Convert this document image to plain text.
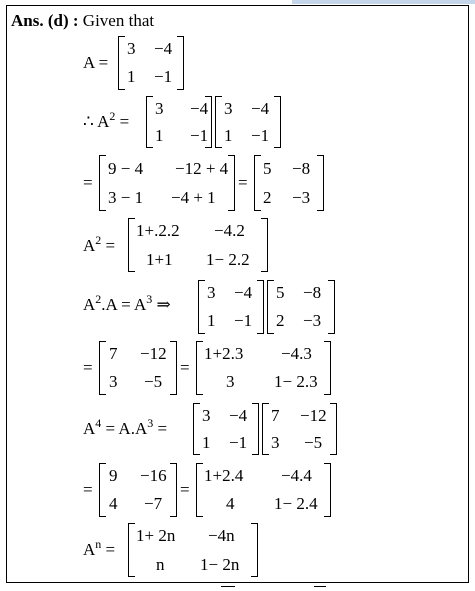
Ans. (d) : Given that
A =
3 −4
1 −1
∴ $A^2$ =
3 −4
1 −1
3 −4
1 −1
=
9 − 4 −12 + 4
3 − 1 −4 + 1
=
5 −8
2 −3
$A^2$ =
1+.2.2 −4.2
1+1 1− 2.2
$A^2.A = A^3$ ⇒
3 −4
1 −1
5 −8
2 −3
=
7 −12
3 −5
=
1+2.3 −4.3
3 1− 2.3
$A^4 = A.A^3$ =
3 −4
1 −1
7 −12
3 −5
=
9 −16
4 −7
=
1+2.4 −4.4
4 1− 2.4
$A^n$ =
1+ 2n −4n
n 1− 2n
